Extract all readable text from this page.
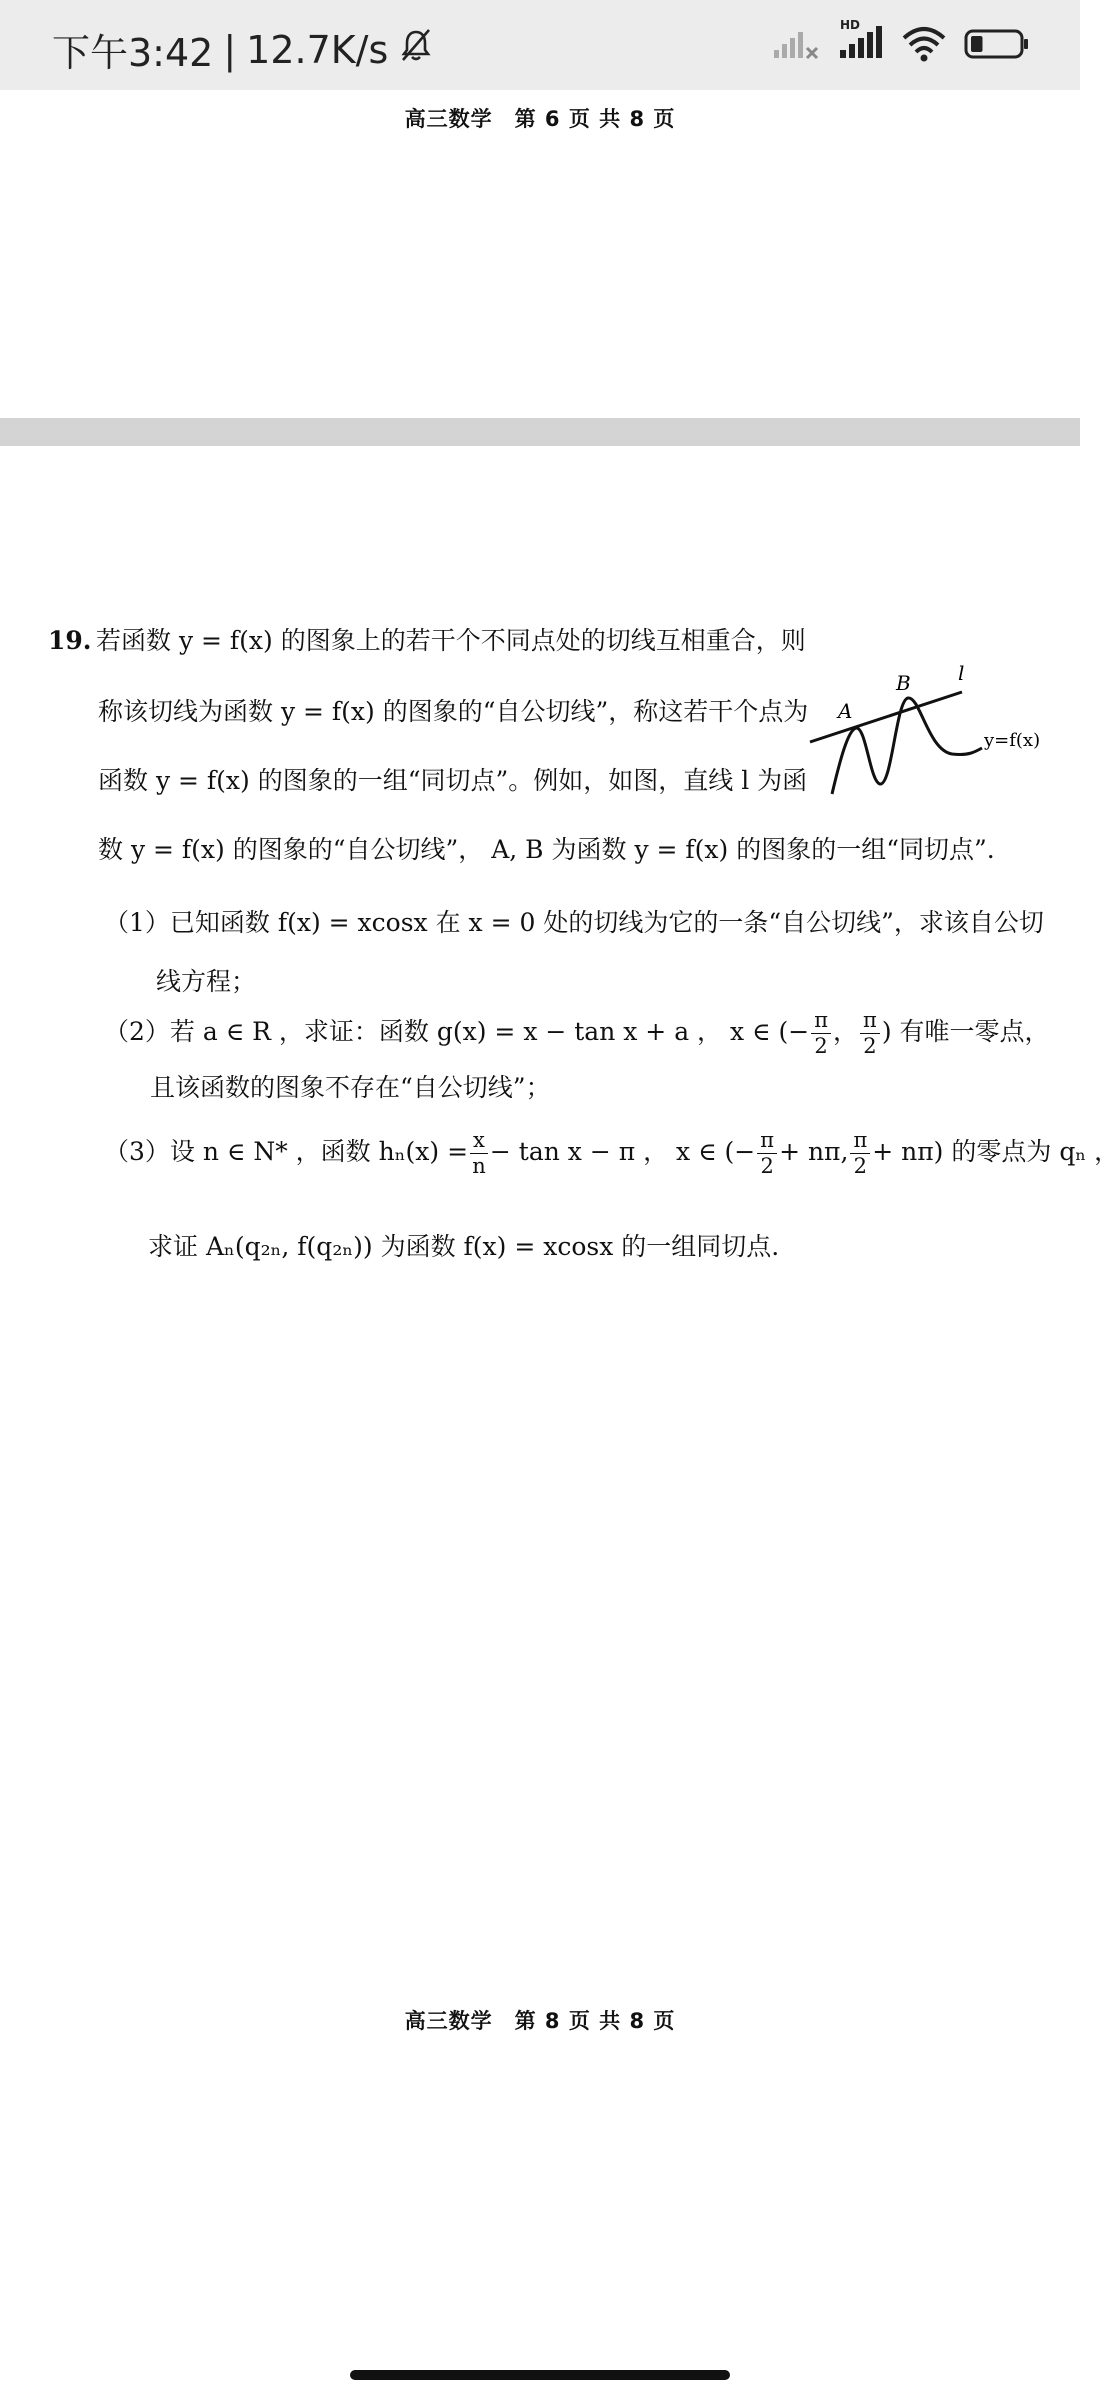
下午3:42 | 12.7K/s
HD
高三数学　第 6 页 共 8 页
19. 若函数 y = f(x) 的图象上的若干个不同点处的切线互相重合，则
称该切线为函数 y = f(x) 的图象的“自公切线”，称这若干个点为
函数 y = f(x) 的图象的一组“同切点”。例如，如图，直线 l 为函
数 y = f(x) 的图象的“自公切线”， A, B 为函数 y = f(x) 的图象的一组“同切点”.
A
B l
y=f(x)
（1）已知函数 f(x) = xcosx 在 x = 0 处的切线为它的一条“自公切线”，求该自公切
线方程；
（2）若 a ∈ R ，求证：函数 g(x) = x − tan x + a ， x ∈ (− $\frac{\pi}{2}$ ， $\frac{\pi}{2}$ ) 有唯一零点，
且该函数的图象不存在“自公切线”；
（3）设 n ∈ N* ，函数 $h_n(x) = \frac{x}{n} - \tan x - \pi$ ， x ∈ (− $\frac{\pi}{2} + n\pi$, $\frac{\pi}{2} + n\pi$) 的零点为 qₙ ，
求证 Aₙ(q₂ₙ, f(q₂ₙ)) 为函数 f(x) = xcosx 的一组同切点.
高三数学　第 8 页 共 8 页
